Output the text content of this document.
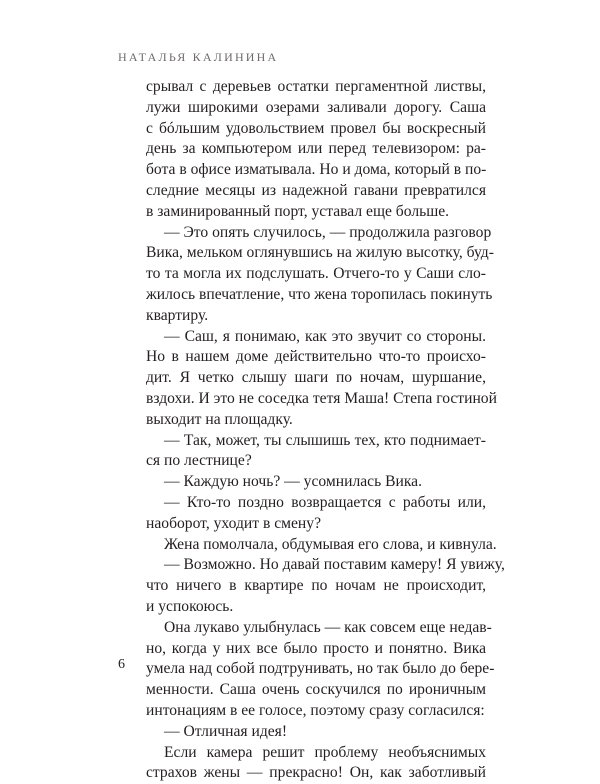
НАТАЛЬЯ КАЛИНИНА
срывал с деревьев остатки пергаментной листвы,
лужи широкими озерами заливали дорогу. Саша
с бóльшим удовольствием провел бы воскресный
день за компьютером или перед телевизором: ра-
бота в офисе изматывала. Но и дома, который в по-
следние месяцы из надежной гавани превратился
в заминированный порт, уставал еще больше.
— Это опять случилось, — продолжила разговор
Вика, мельком оглянувшись на жилую высотку, буд-
то та могла их подслушать. Отчего-то у Саши сло-
жилось впечатление, что жена торопилась покинуть
квартиру.
— Саш, я понимаю, как это звучит со стороны.
Но в нашем доме действительно что-то происхо-
дит. Я четко слышу шаги по ночам, шуршание,
вздохи. И это не соседка тетя Маша! Степа гостиной
выходит на площадку.
— Так, может, ты слышишь тех, кто поднимает-
ся по лестнице?
— Каждую ночь? — усомнилась Вика.
— Кто-то поздно возвращается с работы или,
наоборот, уходит в смену?
Жена помолчала, обдумывая его слова, и кивнула.
— Возможно. Но давай поставим камеру! Я увижу,
что ничего в квартире по ночам не происходит,
и успокоюсь.
Она лукаво улыбнулась — как совсем еще недав-
но, когда у них все было просто и понятно. Вика
умела над собой подтрунивать, но так было до бере-
менности. Саша очень соскучился по ироничным
интонациям в ее голосе, поэтому сразу согласился:
— Отличная идея!
Если камера решит проблему необъяснимых
страхов жены — прекрасно! Он, как заботливый
6
